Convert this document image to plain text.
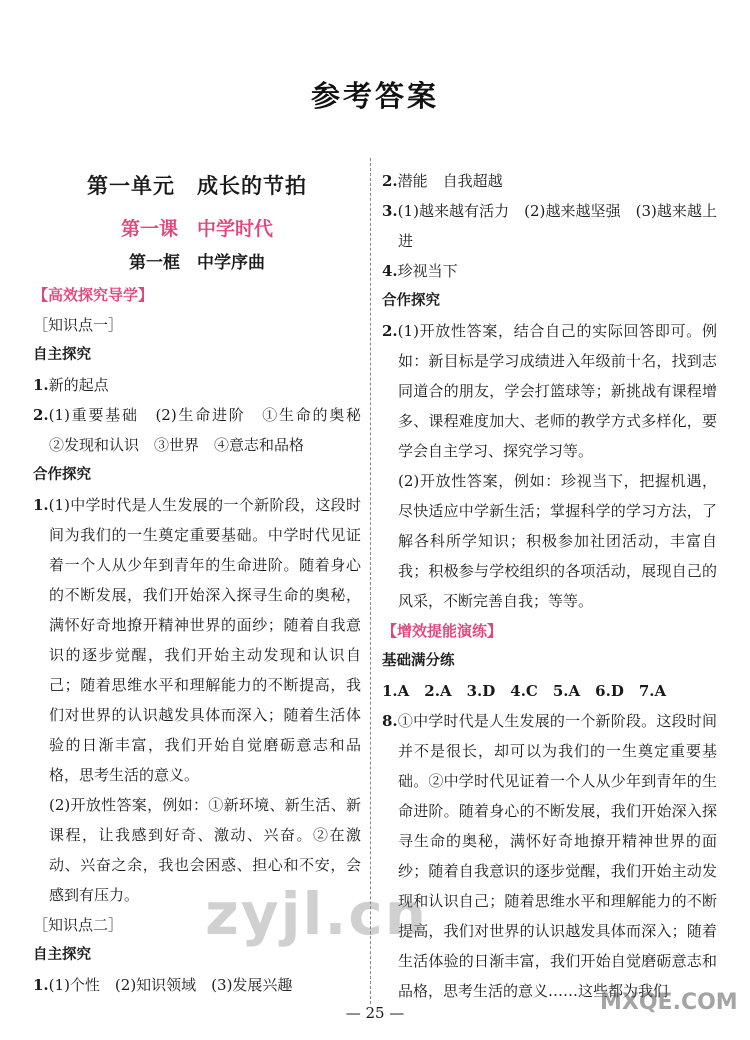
参考答案
第一单元　成长的节拍
第一课　中学时代
第一框　中学序曲
【高效探究导学】
［知识点一］
自主探究
1.新的起点
2.(1)重要基础　(2)生命进阶　①生命的奥秘　②发现和认识　③世界　④意志和品格
合作探究
1.(1)中学时代是人生发展的一个新阶段，这段时间为我们的一生奠定重要基础。中学时代见证着一个人从少年到青年的生命进阶。随着身心的不断发展，我们开始深入探寻生命的奥秘，满怀好奇地撩开精神世界的面纱；随着自我意识的逐步觉醒，我们开始主动发现和认识自己；随着思维水平和理解能力的不断提高，我们对世界的认识越发具体而深入；随着生活体验的日渐丰富，我们开始自觉磨砺意志和品格，思考生活的意义。
(2)开放性答案，例如：①新环境、新生活、新课程，让我感到好奇、激动、兴奋。②在激动、兴奋之余，我也会困惑、担心和不安，会感到有压力。
［知识点二］
自主探究
1.(1)个性　(2)知识领域　(3)发展兴趣
2.潜能　自我超越
3.(1)越来越有活力　(2)越来越坚强　(3)越来越上进
4.珍视当下
合作探究
2.(1)开放性答案，结合自己的实际回答即可。例如：新目标是学习成绩进入年级前十名，找到志同道合的朋友，学会打篮球等；新挑战有课程增多、课程难度加大、老师的教学方式多样化，要学会自主学习、探究学习等。
(2)开放性答案，例如：珍视当下，把握机遇，尽快适应中学新生活；掌握科学的学习方法，了解各科所学知识；积极参加社团活动，丰富自我；积极参与学校组织的各项活动，展现自己的风采，不断完善自我；等等。
【增效提能演练】
基础满分练
1.A　2.A　3.D　4.C　5.A　6.D　7.A
8.①中学时代是人生发展的一个新阶段。这段时间并不是很长，却可以为我们的一生奠定重要基础。②中学时代见证着一个人从少年到青年的生命进阶。随着身心的不断发展，我们开始深入探寻生命的奥秘，满怀好奇地撩开精神世界的面纱；随着自我意识的逐步觉醒，我们开始主动发现和认识自己；随着思维水平和理解能力的不断提高，我们对世界的认识越发具体而深入；随着生活体验的日渐丰富，我们开始自觉磨砺意志和品格，思考生活的意义……这些都为我们
— 25 —
zyjl.cn
MXQE.COM
